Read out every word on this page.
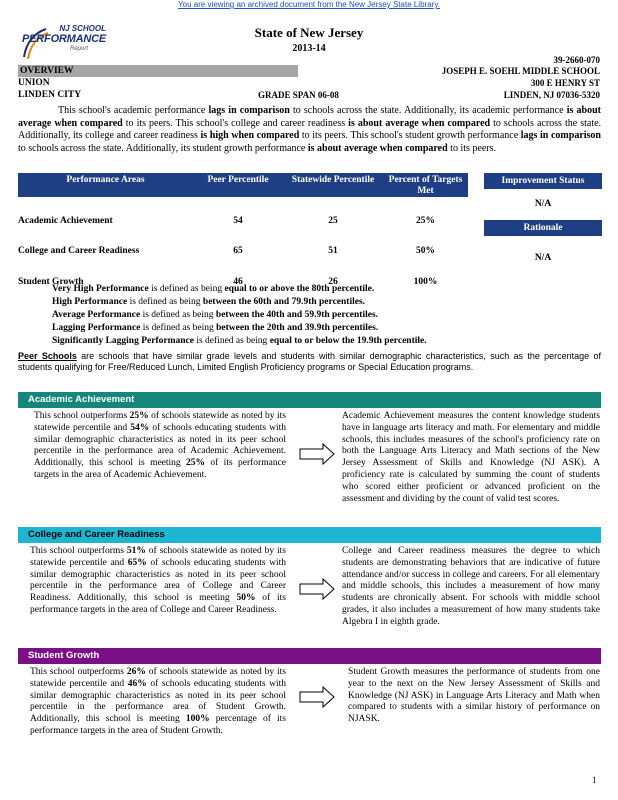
You are viewing an archived document from the New Jersey State Library.
NJ SCHOOL
PERFORMANCE
Report
State of New Jersey
2013-14
39-2660-070
OVERVIEW
UNION
LINDEN CITY	GRADE SPAN 06-08
JOSEPH E. SOEHL MIDDLE SCHOOL
300 E HENRY ST
LINDEN, NJ 07036-5320

This school's academic performance lags in comparison to schools across the state. Additionally, its academic performance is about average when compared to its peers. This school's college and career readiness is about average when compared to schools across the state. Additionally, its college and career readiness is high when compared to its peers. This school's student growth performance lags in comparison to schools across the state. Additionally, its student growth performance is about average when compared to its peers.

Performance Areas	Peer Percentile	Statewide Percentile	Percent of Targets Met
Academic Achievement	54	25	25%
College and Career Readiness	65	51	50%
Student Growth	46	26	100%
Improvement Status
N/A
Rationale
N/A
Very High Performance is defined as being equal to or above the 80th percentile.
High Performance is defined as being between the 60th and 79.9th percentiles.
Average Performance is defined as being between the 40th and 59.9th percentiles.
Lagging Performance is defined as being between the 20th and 39.9th percentiles.
Significantly Lagging Performance is defined as being equal to or below the 19.9th percentile.

Peer Schools are schools that have similar grade levels and students with similar demographic characteristics, such as the percentage of students qualifying for Free/Reduced Lunch, Limited English Proficiency programs or Special Education programs.

Academic Achievement

This school outperforms 25% of schools statewide as noted by its statewide percentile and 54% of schools educating students with similar demographic characteristics as noted in its peer school percentile in the performance area of Academic Achievement. Additionally, this school is meeting 25% of its performance targets in the area of Academic Achievement.

Academic Achievement measures the content knowledge students have in language arts literacy and math. For elementary and middle schools, this includes measures of the school's proficiency rate on both the Language Arts Literacy and Math sections of the New Jersey Assessment of Skills and Knowledge (NJ ASK). A proficiency rate is calculated by summing the count of students who scored either proficient or advanced proficient on the assessment and dividing by the count of valid test scores.

College and Career Readiness

This school outperforms 51% of schools statewide as noted by its statewide percentile and 65% of schools educating students with similar demographic characteristics as noted in its peer school percentile in the performance area of College and Career Readiness. Additionally, this school is meeting 50% of its performance targets in the area of College and Career Readiness.

College and Career readiness measures the degree to which students are demonstrating behaviors that are indicative of future attendance and/or success in college and careers. For all elementary and middle schools, this includes a measurement of how many students are chronically absent. For schools with middle school grades, it also includes a measurement of how many students take Algebra I in eighth grade.

Student Growth

This school outperforms 26% of schools statewide as noted by its statewide percentile and 46% of schools educating students with similar demographic characteristics as noted in its peer school percentile in the performance area of Student Growth. Additionally, this school is meeting 100% percentage of its performance targets in the area of Student Growth.

Student Growth measures the performance of students from one year to the next on the New Jersey Assessment of Skills and Knowledge (NJ ASK) in Language Arts Literacy and Math when compared to students with a similar history of performance on NJASK.

1
